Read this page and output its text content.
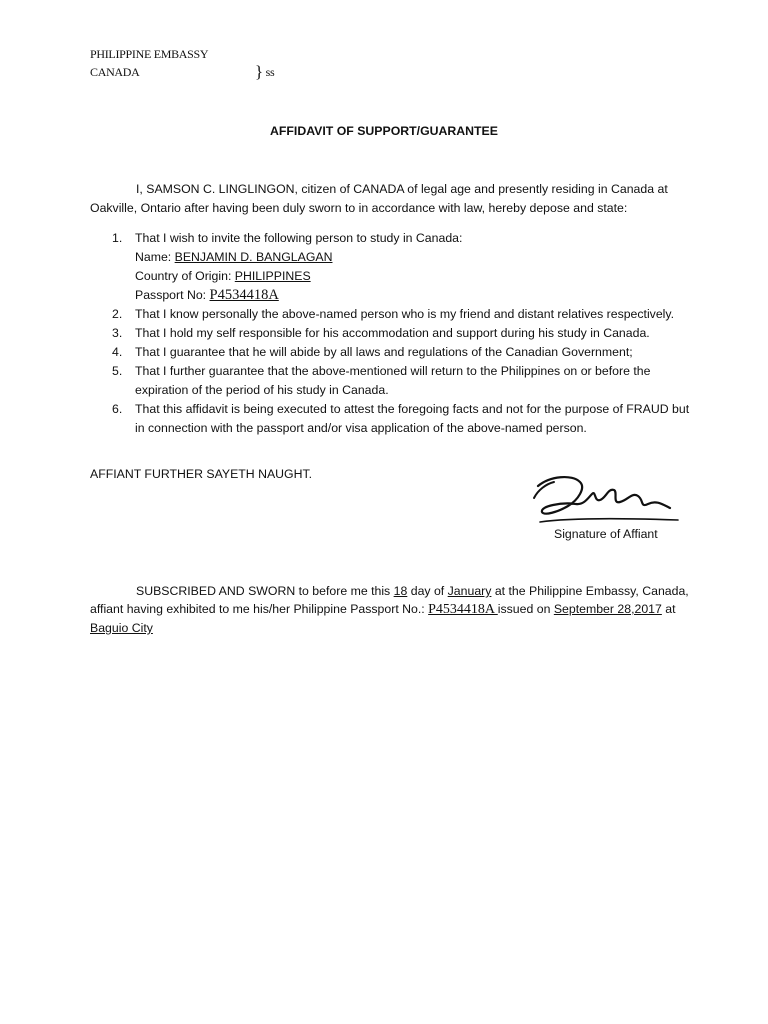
PHILIPPINE EMBASSY
CANADA	} ss
AFFIDAVIT OF SUPPORT/GUARANTEE

I, SAMSON C. LINGLINGON, citizen of CANADA of legal age and presently residing in Canada at Oakville, Ontario after having been duly sworn to in accordance with law, hereby depose and state:

1. That I wish to invite the following person to study in Canada:
Name: BENJAMIN D. BANGLAGAN
Country of Origin: PHILIPPINES
Passport No: P4534418A
2. That I know personally the above-named person who is my friend and distant relatives respectively.
3. That I hold my self responsible for his accommodation and support during his study in Canada.
4. That I guarantee that he will abide by all laws and regulations of the Canadian Government;
5. That I further guarantee that the above-mentioned will return to the Philippines on or before the expiration of the period of his study in Canada.
6. That this affidavit is being executed to attest the foregoing facts and not for the purpose of FRAUD but in connection with the passport and/or visa application of the above-named person.
AFFIANT FURTHER SAYETH NAUGHT.
Signature of Affiant

SUBSCRIBED AND SWORN to before me this 18 day of January at the Philippine Embassy, Canada, affiant having exhibited to me his/her Philippine Passport No.: P4534418A issued on September 28,2017 at Baguio City
